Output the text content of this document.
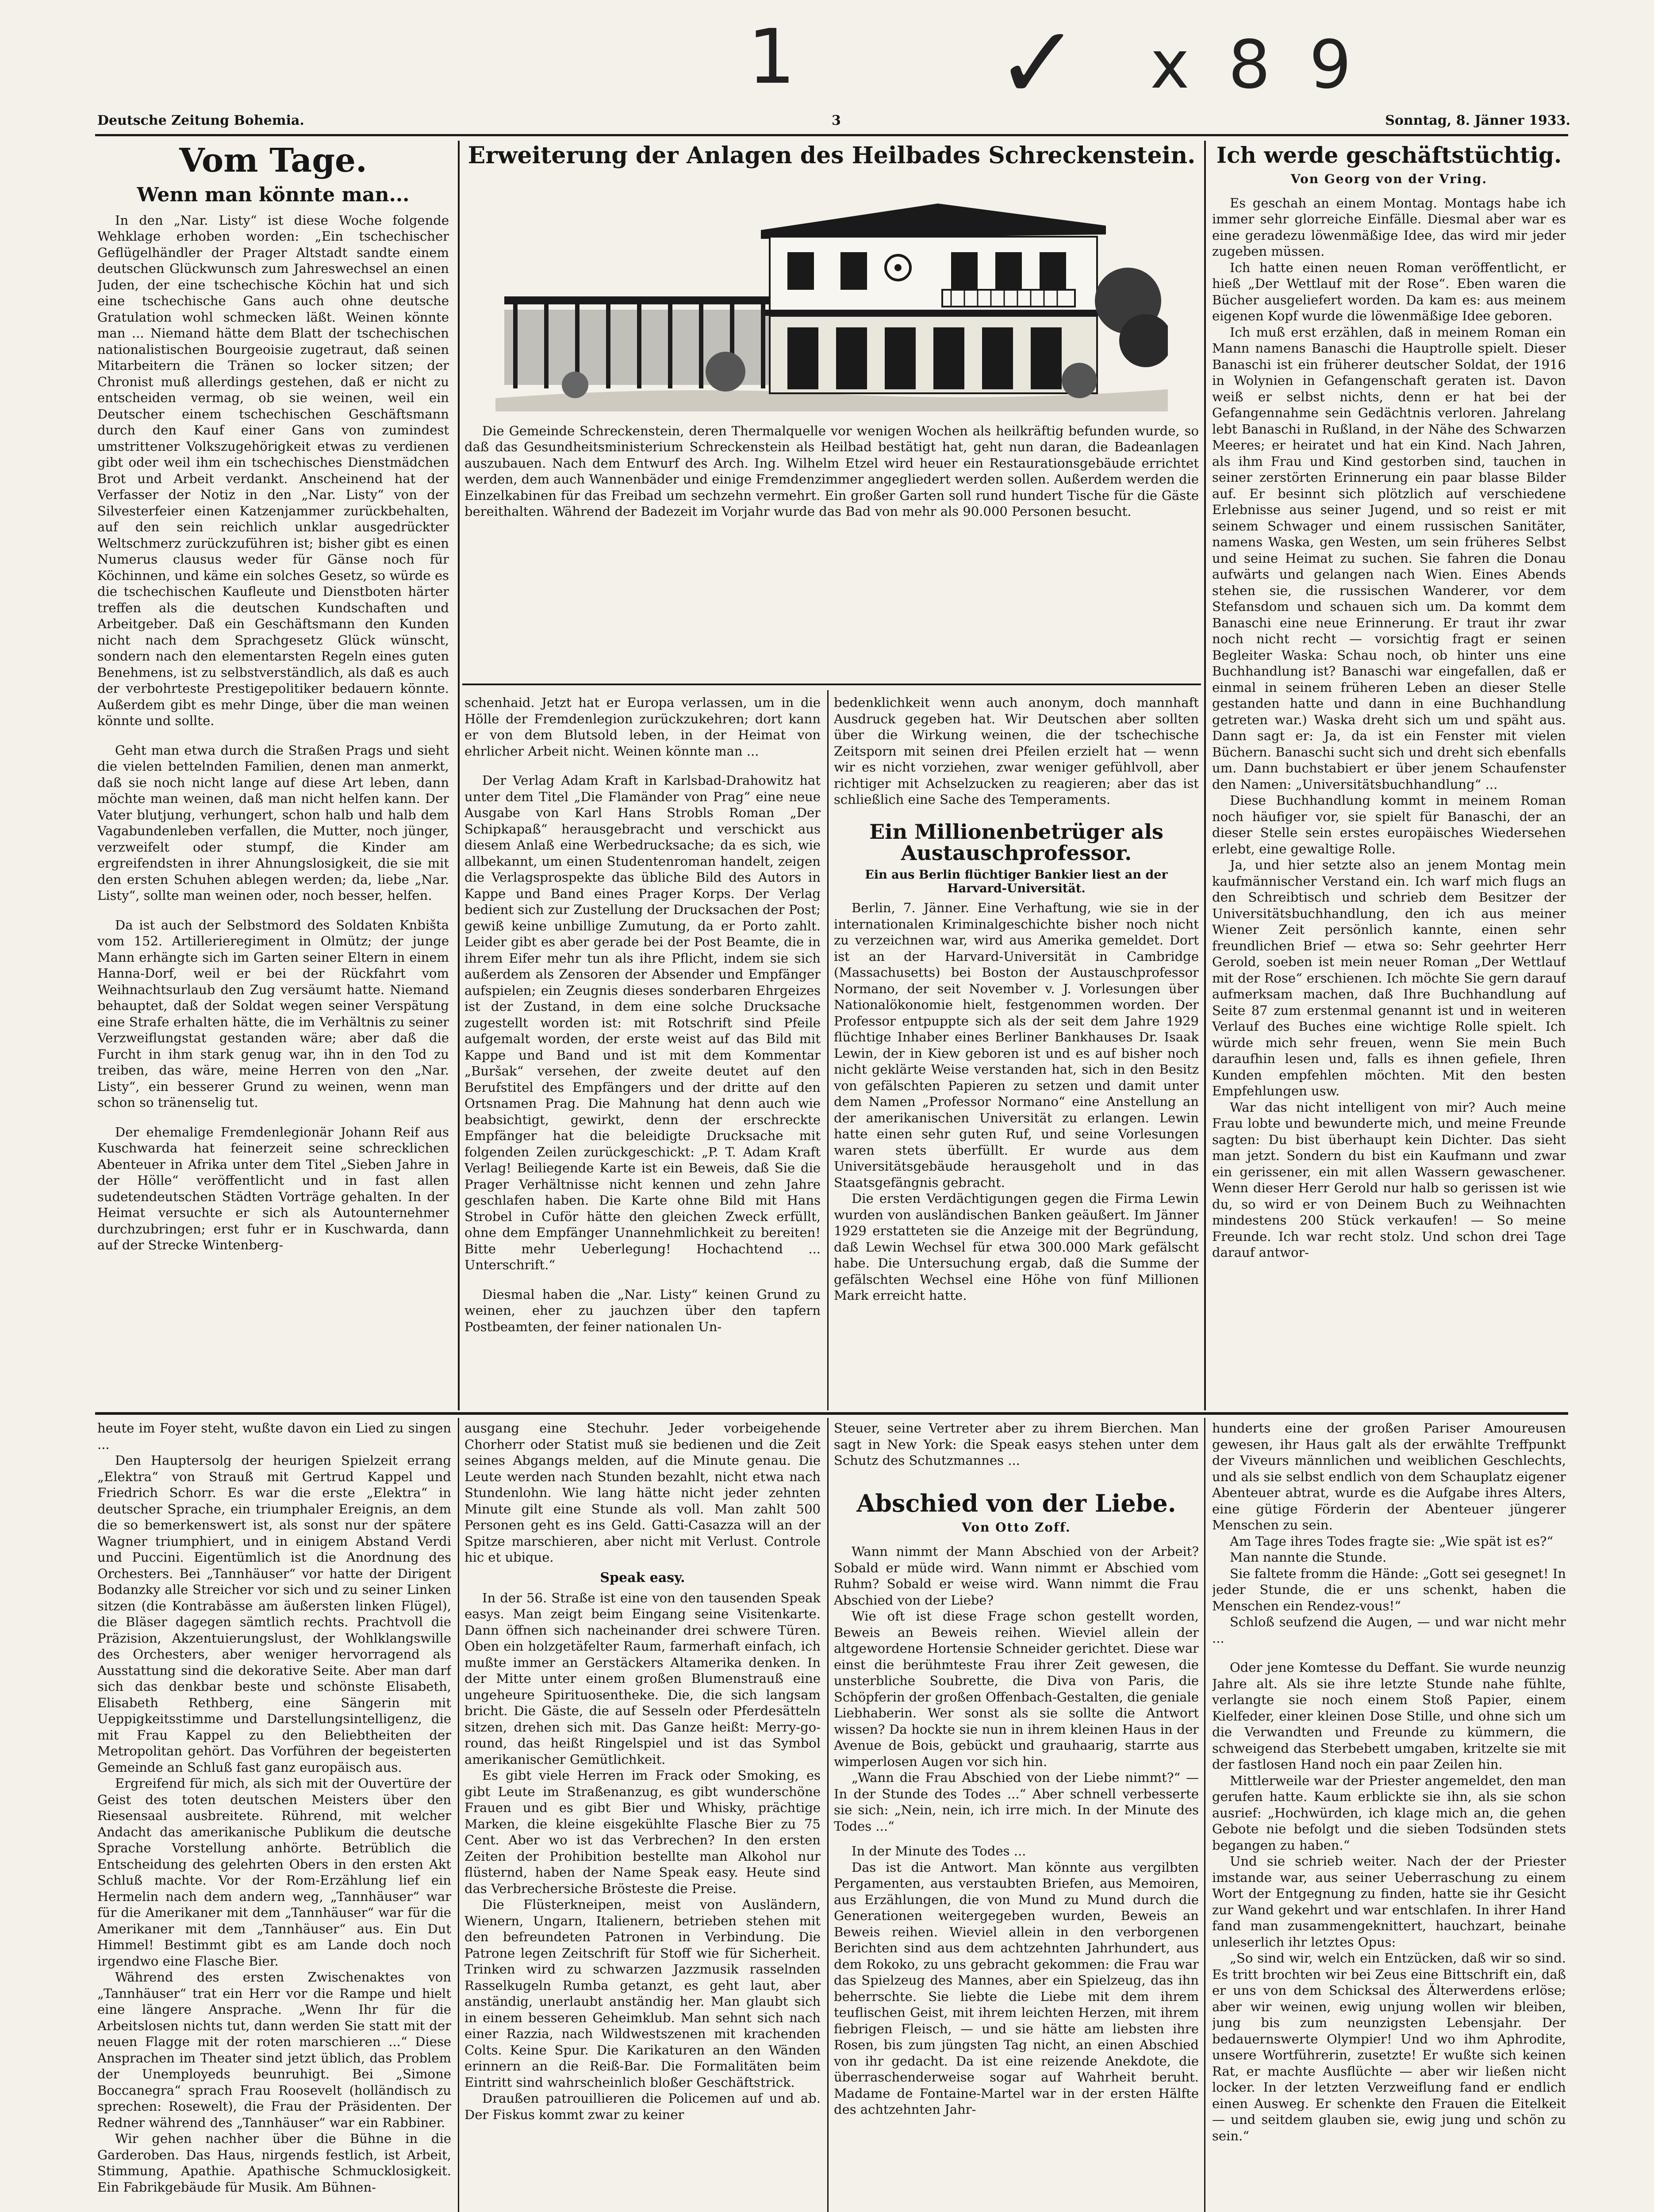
1 ✓ x 8 9
Deutsche Zeitung Bohemia.	3	Sonntag, 8. Jänner 1933.
Vom Tage.
Wenn man könnte man...

In den „Nar. Listy“ ist diese Woche folgende Wehklage erhoben worden: „Ein tschechischer Geflügelhändler der Prager Altstadt sandte einem deutschen Glückwunsch zum Jahreswechsel an einen Juden, der eine tschechische Köchin hat und sich eine tschechische Gans auch ohne deutsche Gratulation wohl schmecken läßt. Weinen könnte man ... Niemand hätte dem Blatt der tschechischen nationalistischen Bourgeoisie zugetraut, daß seinen Mitarbeitern die Tränen so locker sitzen; der Chronist muß allerdings gestehen, daß er nicht zu entscheiden vermag, ob sie weinen, weil ein Deutscher einem tschechischen Geschäftsmann durch den Kauf einer Gans von zumindest umstrittener Volkszugehörigkeit etwas zu verdienen gibt oder weil ihm ein tschechisches Dienstmädchen Brot und Arbeit verdankt. Anscheinend hat der Verfasser der Notiz in den „Nar. Listy“ von der Silvesterfeier einen Katzenjammer zurückbehalten, auf den sein reichlich unklar ausgedrückter Weltschmerz zurückzuführen ist; bisher gibt es einen Numerus clausus weder für Gänse noch für Köchinnen, und käme ein solches Gesetz, so würde es die tschechischen Kaufleute und Dienstboten härter treffen als die deutschen Kundschaften und Arbeitgeber. Daß ein Geschäftsmann den Kunden nicht nach dem Sprachgesetz Glück wünscht, sondern nach den elementarsten Regeln eines guten Benehmens, ist zu selbstverständlich, als daß es auch der verbohrteste Prestigepolitiker bedauern könnte. Außerdem gibt es mehr Dinge, über die man weinen könnte und sollte.

Geht man etwa durch die Straßen Prags und sieht die vielen bettelnden Familien, denen man anmerkt, daß sie noch nicht lange auf diese Art leben, dann möchte man weinen, daß man nicht helfen kann. Der Vater blutjung, verhungert, schon halb und halb dem Vagabundenleben verfallen, die Mutter, noch jünger, verzweifelt oder stumpf, die Kinder am ergreifendsten in ihrer Ahnungslosigkeit, die sie mit den ersten Schuhen ablegen werden; da, liebe „Nar. Listy“, sollte man weinen oder, noch besser, helfen.

Da ist auch der Selbstmord des Soldaten Knbišta vom 152. Artillerieregiment in Olmütz; der junge Mann erhängte sich im Garten seiner Eltern in einem Hanna-Dorf, weil er bei der Rückfahrt vom Weihnachtsurlaub den Zug versäumt hatte. Niemand behauptet, daß der Soldat wegen seiner Verspätung eine Strafe erhalten hätte, die im Verhältnis zu seiner Verzweiflungstat gestanden wäre; aber daß die Furcht in ihm stark genug war, ihn in den Tod zu treiben, das wäre, meine Herren von den „Nar. Listy“, ein besserer Grund zu weinen, wenn man schon so tränenselig tut.

Der ehemalige Fremdenlegionär Johann Reif aus Kuschwarda hat feinerzeit seine schrecklichen Abenteuer in Afrika unter dem Titel „Sieben Jahre in der Hölle“ veröffentlicht und in fast allen sudetendeutschen Städten Vorträge gehalten. In der Heimat versuchte er sich als Autounternehmer durchzubringen; erst fuhr er in Kuschwarda, dann auf der Strecke Wintenberg-

Erweiterung der Anlagen des Heilbades Schreckenstein.
Die Gemeinde Schreckenstein, deren Thermalquelle vor wenigen Wochen als heilkräftig befunden wurde, so daß das Gesundheitsministerium Schreckenstein als Heilbad bestätigt hat, geht nun daran, die Badeanlagen auszubauen. Nach dem Entwurf des Arch. Ing. Wilhelm Etzel wird heuer ein Restaurationsgebäude errichtet werden, dem auch Wannenbäder und einige Fremdenzimmer angegliedert werden sollen. Außerdem werden die Einzelkabinen für das Freibad um sechzehn vermehrt. Ein großer Garten soll rund hundert Tische für die Gäste bereithalten. Während der Badezeit im Vorjahr wurde das Bad von mehr als 90.000 Personen besucht.

schenhaid. Jetzt hat er Europa verlassen, um in die Hölle der Fremdenlegion zurückzukehren; dort kann er von dem Blutsold leben, in der Heimat von ehrlicher Arbeit nicht. Weinen könnte man ...

Der Verlag Adam Kraft in Karlsbad-Drahowitz hat unter dem Titel „Die Flamänder von Prag“ eine neue Ausgabe von Karl Hans Strobls Roman „Der Schipkapaß“ herausgebracht und verschickt aus diesem Anlaß eine Werbedrucksache; da es sich, wie allbekannt, um einen Studentenroman handelt, zeigen die Verlagsprospekte das übliche Bild des Autors in Kappe und Band eines Prager Korps. Der Verlag bedient sich zur Zustellung der Drucksachen der Post; gewiß keine unbillige Zumutung, da er Porto zahlt. Leider gibt es aber gerade bei der Post Beamte, die in ihrem Eifer mehr tun als ihre Pflicht, indem sie sich außerdem als Zensoren der Absender und Empfänger aufspielen; ein Zeugnis dieses sonderbaren Ehrgeizes ist der Zustand, in dem eine solche Drucksache zugestellt worden ist: mit Rotschrift sind Pfeile aufgemalt worden, der erste weist auf das Bild mit Kappe und Band und ist mit dem Kommentar „Buršak“ versehen, der zweite deutet auf den Berufstitel des Empfängers und der dritte auf den Ortsnamen Prag. Die Mahnung hat denn auch wie beabsichtigt, gewirkt, denn der erschreckte Empfänger hat die beleidigte Drucksache mit folgenden Zeilen zurückgeschickt: „P. T. Adam Kraft Verlag! Beiliegende Karte ist ein Beweis, daß Sie die Prager Verhältnisse nicht kennen und zehn Jahre geschlafen haben. Die Karte ohne Bild mit Hans Strobel in Cuför hätte den gleichen Zweck erfüllt, ohne dem Empfänger Unannehmlichkeit zu bereiten! Bitte mehr Ueberlegung! Hochachtend ... Unterschrift.“

Diesmal haben die „Nar. Listy“ keinen Grund zu weinen, eher zu jauchzen über den tapfern Postbeamten, der feiner nationalen Un-

bedenklichkeit wenn auch anonym, doch mannhaft Ausdruck gegeben hat. Wir Deutschen aber sollten über die Wirkung weinen, die der tschechische Zeitsporn mit seinen drei Pfeilen erzielt hat — wenn wir es nicht vorziehen, zwar weniger gefühlvoll, aber richtiger mit Achselzucken zu reagieren; aber das ist schließlich eine Sache des Temperaments.

Ein Millionenbetrüger als Austauschprofessor.
Ein aus Berlin flüchtiger Bankier liest an der Harvard-Universität.

Berlin, 7. Jänner. Eine Verhaftung, wie sie in der internationalen Kriminalgeschichte bisher noch nicht zu verzeichnen war, wird aus Amerika gemeldet. Dort ist an der Harvard-Universität in Cambridge (Massachusetts) bei Boston der Austauschprofessor Normano, der seit November v. J. Vorlesungen über Nationalökonomie hielt, festgenommen worden. Der Professor entpuppte sich als der seit dem Jahre 1929 flüchtige Inhaber eines Berliner Bankhauses Dr. Isaak Lewin, der in Kiew geboren ist und es auf bisher noch nicht geklärte Weise verstanden hat, sich in den Besitz von gefälschten Papieren zu setzen und damit unter dem Namen „Professor Normano“ eine Anstellung an der amerikanischen Universität zu erlangen. Lewin hatte einen sehr guten Ruf, und seine Vorlesungen waren stets überfüllt. Er wurde aus dem Universitätsgebäude herausgeholt und in das Staatsgefängnis gebracht.

Die ersten Verdächtigungen gegen die Firma Lewin wurden von ausländischen Banken geäußert. Im Jänner 1929 erstatteten sie die Anzeige mit der Begründung, daß Lewin Wechsel für etwa 300.000 Mark gefälscht habe. Die Untersuchung ergab, daß die Summe der gefälschten Wechsel eine Höhe von fünf Millionen Mark erreicht hatte.

Ich werde geschäftstüchtig.
Von Georg von der Vring.

Es geschah an einem Montag. Montags habe ich immer sehr glorreiche Einfälle. Diesmal aber war es eine geradezu löwenmäßige Idee, das wird mir jeder zugeben müssen.

Ich hatte einen neuen Roman veröffentlicht, er hieß „Der Wettlauf mit der Rose“. Eben waren die Bücher ausgeliefert worden. Da kam es: aus meinem eigenen Kopf wurde die löwenmäßige Idee geboren.

Ich muß erst erzählen, daß in meinem Roman ein Mann namens Banaschi die Hauptrolle spielt. Dieser Banaschi ist ein früherer deutscher Soldat, der 1916 in Wolynien in Gefangenschaft geraten ist. Davon weiß er selbst nichts, denn er hat bei der Gefangennahme sein Gedächtnis verloren. Jahrelang lebt Banaschi in Rußland, in der Nähe des Schwarzen Meeres; er heiratet und hat ein Kind. Nach Jahren, als ihm Frau und Kind gestorben sind, tauchen in seiner zerstörten Erinnerung ein paar blasse Bilder auf. Er besinnt sich plötzlich auf verschiedene Erlebnisse aus seiner Jugend, und so reist er mit seinem Schwager und einem russischen Sanitäter, namens Waska, gen Westen, um sein früheres Selbst und seine Heimat zu suchen. Sie fahren die Donau aufwärts und gelangen nach Wien. Eines Abends stehen sie, die russischen Wanderer, vor dem Stefansdom und schauen sich um. Da kommt dem Banaschi eine neue Erinnerung. Er traut ihr zwar noch nicht recht — vorsichtig fragt er seinen Begleiter Waska: Schau noch, ob hinter uns eine Buchhandlung ist? Banaschi war eingefallen, daß er einmal in seinem früheren Leben an dieser Stelle gestanden hatte und dann in eine Buchhandlung getreten war.) Waska dreht sich um und späht aus. Dann sagt er: Ja, da ist ein Fenster mit vielen Büchern. Banaschi sucht sich und dreht sich ebenfalls um. Dann buchstabiert er über jenem Schaufenster den Namen: „Universitätsbuchhandlung“ ...

Diese Buchhandlung kommt in meinem Roman noch häufiger vor, sie spielt für Banaschi, der an dieser Stelle sein erstes europäisches Wiedersehen erlebt, eine gewaltige Rolle.

Ja, und hier setzte also an jenem Montag mein kaufmännischer Verstand ein. Ich warf mich flugs an den Schreibtisch und schrieb dem Besitzer der Universitätsbuchhandlung, den ich aus meiner Wiener Zeit persönlich kannte, einen sehr freundlichen Brief — etwa so: Sehr geehrter Herr Gerold, soeben ist mein neuer Roman „Der Wettlauf mit der Rose“ erschienen. Ich möchte Sie gern darauf aufmerksam machen, daß Ihre Buchhandlung auf Seite 87 zum erstenmal genannt ist und in weiteren Verlauf des Buches eine wichtige Rolle spielt. Ich würde mich sehr freuen, wenn Sie mein Buch daraufhin lesen und, falls es ihnen gefiele, Ihren Kunden empfehlen möchten. Mit den besten Empfehlungen usw.

War das nicht intelligent von mir? Auch meine Frau lobte und bewunderte mich, und meine Freunde sagten: Du bist überhaupt kein Dichter. Das sieht man jetzt. Sondern du bist ein Kaufmann und zwar ein gerissener, ein mit allen Wassern gewaschener. Wenn dieser Herr Gerold nur halb so gerissen ist wie du, so wird er von Deinem Buch zu Weihnachten mindestens 200 Stück verkaufen! — So meine Freunde. Ich war recht stolz. Und schon drei Tage darauf antwor-

heute im Foyer steht, wußte davon ein Lied zu singen ...

Den Hauptersolg der heurigen Spielzeit errang „Elektra“ von Strauß mit Gertrud Kappel und Friedrich Schorr. Es war die erste „Elektra“ in deutscher Sprache, ein triumphaler Ereignis, an dem die so bemerkenswert ist, als sonst nur der spätere Wagner triumphiert, und in einigem Abstand Verdi und Puccini. Eigentümlich ist die Anordnung des Orchesters. Bei „Tannhäuser“ vor hatte der Dirigent Bodanzky alle Streicher vor sich und zu seiner Linken sitzen (die Kontrabässe am äußersten linken Flügel), die Bläser dagegen sämtlich rechts. Prachtvoll die Präzision, Akzentuierungslust, der Wohlklangswille des Orchesters, aber weniger hervorragend als Ausstattung sind die dekorative Seite. Aber man darf sich das denkbar beste und schönste Elisabeth, Elisabeth Rethberg, eine Sängerin mit Ueppigkeitsstimme und Darstellungsintelligenz, die mit Frau Kappel zu den Beliebtheiten der Metropolitan gehört. Das Vorführen der begeisterten Gemeinde an Schluß fast ganz europäisch aus.

Ergreifend für mich, als sich mit der Ouvertüre der Geist des toten deutschen Meisters über den Riesensaal ausbreitete. Rührend, mit welcher Andacht das amerikanische Publikum die deutsche Sprache Vorstellung anhörte. Betrüblich die Entscheidung des gelehrten Obers in den ersten Akt Schluß machte. Vor der Rom-Erzählung lief ein Hermelin nach dem andern weg, „Tannhäuser“ war für die Amerikaner mit dem „Tannhäuser“ war für die Amerikaner mit dem „Tannhäuser“ aus. Ein Dut Himmel! Bestimmt gibt es am Lande doch noch irgendwo eine Flasche Bier.

Während des ersten Zwischenaktes von „Tannhäuser“ trat ein Herr vor die Rampe und hielt eine längere Ansprache. „Wenn Ihr für die Arbeitslosen nichts tut, dann werden Sie statt mit der neuen Flagge mit der roten marschieren ...“ Diese Ansprachen im Theater sind jetzt üblich, das Problem der Unemployeds beunruhigt. Bei „Simone Boccanegra“ sprach Frau Roosevelt (holländisch zu sprechen: Rosewelt), die Frau der Präsidenten. Der Redner während des „Tannhäuser“ war ein Rabbiner.

Wir gehen nachher über die Bühne in die Garderoben. Das Haus, nirgends festlich, ist Arbeit, Stimmung, Apathie. Apathische Schmucklosigkeit. Ein Fabrikgebäude für Musik. Am Bühnen-

ausgang eine Stechuhr. Jeder vorbeigehende Chorherr oder Statist muß sie bedienen und die Zeit seines Abgangs melden, auf die Minute genau. Die Leute werden nach Stunden bezahlt, nicht etwa nach Stundenlohn. Wie lang hätte nicht jeder zehnten Minute gilt eine Stunde als voll. Man zahlt 500 Personen geht es ins Geld. Gatti-Casazza will an der Spitze marschieren, aber nicht mit Verlust. Controle hic et ubique.

Speak easy.

In der 56. Straße ist eine von den tausenden Speak easys. Man zeigt beim Eingang seine Visitenkarte. Dann öffnen sich nacheinander drei schwere Türen. Oben ein holzgetäfelter Raum, farmerhaft einfach, ich mußte immer an Gerstäckers Altamerika denken. In der Mitte unter einem großen Blumenstrauß eine ungeheure Spirituosentheke. Die, die sich langsam bricht. Die Gäste, die auf Sesseln oder Pferdesätteln sitzen, drehen sich mit. Das Ganze heißt: Merry-go-round, das heißt Ringelspiel und ist das Symbol amerikanischer Gemütlichkeit.

Es gibt viele Herren im Frack oder Smoking, es gibt Leute im Straßenanzug, es gibt wunderschöne Frauen und es gibt Bier und Whisky, prächtige Marken, die kleine eisgekühlte Flasche Bier zu 75 Cent. Aber wo ist das Verbrechen? In den ersten Zeiten der Prohibition bestellte man Alkohol nur flüsternd, haben der Name Speak easy. Heute sind das Verbrechersiche Brösteste die Preise.

Die Flüsterkneipen, meist von Ausländern, Wienern, Ungarn, Italienern, betrieben stehen mit den befreundeten Patronen in Verbindung. Die Patrone legen Zeitschrift für Stoff wie für Sicherheit. Trinken wird zu schwarzen Jazzmusik rasselnden Rasselkugeln Rumba getanzt, es geht laut, aber anständig, unerlaubt anständig her. Man glaubt sich in einem besseren Geheimklub. Man sehnt sich nach einer Razzia, nach Wildwestszenen mit krachenden Colts. Keine Spur. Die Karikaturen an den Wänden erinnern an die Reiß-Bar. Die Formalitäten beim Eintritt sind wahrscheinlich bloßer Geschäftstrick.

Draußen patrouillieren die Policemen auf und ab. Der Fiskus kommt zwar zu keiner

Steuer, seine Vertreter aber zu ihrem Bierchen. Man sagt in New York: die Speak easys stehen unter dem Schutz des Schutzmannes ...

Abschied von der Liebe.
Von Otto Zoff.

Wann nimmt der Mann Abschied von der Arbeit? Sobald er müde wird. Wann nimmt er Abschied vom Ruhm? Sobald er weise wird. Wann nimmt die Frau Abschied von der Liebe?

Wie oft ist diese Frage schon gestellt worden, Beweis an Beweis reihen. Wieviel allein der altgewordene Hortensie Schneider gerichtet. Diese war einst die berühmteste Frau ihrer Zeit gewesen, die unsterbliche Soubrette, die Diva von Paris, die Schöpferin der großen Offenbach-Gestalten, die geniale Liebhaberin. Wer sonst als sie sollte die Antwort wissen? Da hockte sie nun in ihrem kleinen Haus in der Avenue de Bois, gebückt und grauhaarig, starrte aus wimperlosen Augen vor sich hin.

„Wann die Frau Abschied von der Liebe nimmt?“ — In der Stunde des Todes ...“ Aber schnell verbesserte sie sich: „Nein, nein, ich irre mich. In der Minute des Todes ...“

In der Minute des Todes ...

Das ist die Antwort. Man könnte aus vergilbten Pergamenten, aus verstaubten Briefen, aus Memoiren, aus Erzählungen, die von Mund zu Mund durch die Generationen weitergegeben wurden, Beweis an Beweis reihen. Wieviel allein in den verborgenen Berichten sind aus dem achtzehnten Jahrhundert, aus dem Rokoko, zu uns gebracht gekommen: die Frau war das Spielzeug des Mannes, aber ein Spielzeug, das ihn beherrschte. Sie liebte die Liebe mit dem ihrem teuflischen Geist, mit ihrem leichten Herzen, mit ihrem fiebrigen Fleisch, — und sie hätte am liebsten ihre Rosen, bis zum jüngsten Tag nicht, an einen Abschied von ihr gedacht. Da ist eine reizende Anekdote, die überraschenderweise sogar auf Wahrheit beruht. Madame de Fontaine-Martel war in der ersten Hälfte des achtzehnten Jahr-

hunderts eine der großen Pariser Amoureusen gewesen, ihr Haus galt als der erwählte Treffpunkt der Viveurs männlichen und weiblichen Geschlechts, und als sie selbst endlich von dem Schauplatz eigener Abenteuer abtrat, wurde es die Aufgabe ihres Alters, eine gütige Förderin der Abenteuer jüngerer Menschen zu sein.

Am Tage ihres Todes fragte sie: „Wie spät ist es?“

Man nannte die Stunde.

Sie faltete fromm die Hände: „Gott sei gesegnet! In jeder Stunde, die er uns schenkt, haben die Menschen ein Rendez-vous!“

Schloß seufzend die Augen, — und war nicht mehr ...

Oder jene Komtesse du Deffant. Sie wurde neunzig Jahre alt. Als sie ihre letzte Stunde nahe fühlte, verlangte sie noch einem Stoß Papier, einem Kielfeder, einer kleinen Dose Stille, und ohne sich um die Verwandten und Freunde zu kümmern, die schweigend das Sterbebett umgaben, kritzelte sie mit der fastlosen Hand noch ein paar Zeilen hin.

Mittlerweile war der Priester angemeldet, den man gerufen hatte. Kaum erblickte sie ihn, als sie schon ausrief: „Hochwürden, ich klage mich an, die gehen Gebote nie befolgt und die sieben Todsünden stets begangen zu haben.“

Und sie schrieb weiter. Nach der der Priester imstande war, aus seiner Ueberraschung zu einem Wort der Entgegnung zu finden, hatte sie ihr Gesicht zur Wand gekehrt und war entschlafen. In ihrer Hand fand man zusammengeknittert, hauchzart, beinahe unleserlich ihr letztes Opus:

„So sind wir, welch ein Entzücken, daß wir so sind. Es tritt brochten wir bei Zeus eine Bittschrift ein, daß er uns von dem Schicksal des Älterwerdens erlöse; aber wir weinen, ewig unjung wollen wir bleiben, jung bis zum neunzigsten Lebensjahr. Der bedauernswerte Olympier! Und wo ihm Aphrodite, unsere Wortführerin, zusetzte! Er wußte sich keinen Rat, er machte Ausflüchte — aber wir ließen nicht locker. In der letzten Verzweiflung fand er endlich einen Ausweg. Er schenkte den Frauen die Eitelkeit — und seitdem glauben sie, ewig jung und schön zu sein.“
